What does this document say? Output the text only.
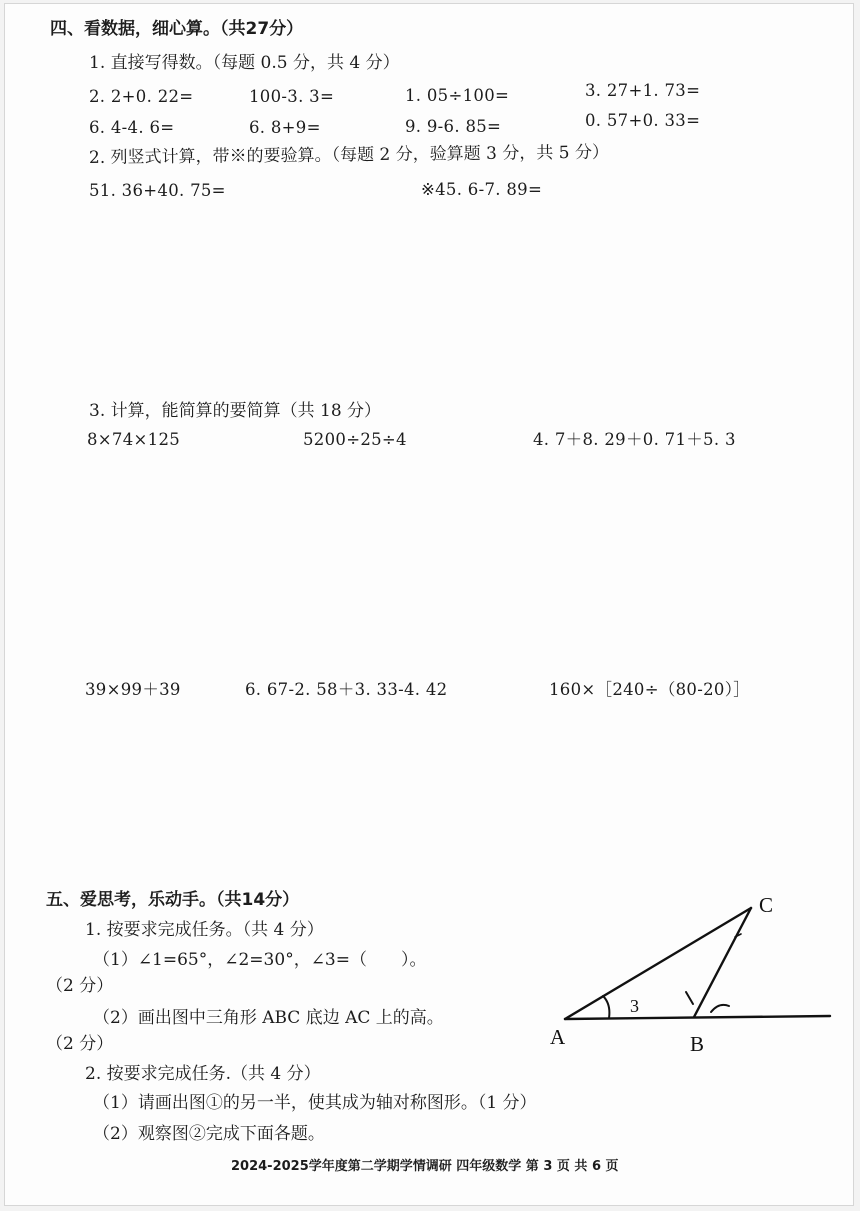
四、看数据，细心算。（共27分）
1. 直接写得数。（每题 0.5 分，共 4 分）
2. 2+0. 22=	100-3. 3=	1. 05÷100=	3. 27+1. 73=
6. 4-4. 6=	6. 8+9=	9. 9-6. 85=	0. 57+0. 33=
2. 列竖式计算，带※的要验算。（每题 2 分，验算题 3 分，共 5 分）
51. 36+40. 75=	※45. 6-7. 89=
3. 计算，能简算的要简算（共 18 分）
8×74×125	5200÷25÷4	4. 7＋8. 29＋0. 71＋5. 3
39×99＋39	6. 67-2. 58＋3. 33-4. 42	160×［240÷（80-20）］
五、爱思考，乐动手。（共14分）
1. 按要求完成任务。（共 4 分）
（1）∠1=65°，∠2=30°，∠3=（　　）。
（2 分）
（2）画出图中三角形 ABC 底边 AC 上的高。
（2 分）
2. 按要求完成任务.（共 4 分）
（1）请画出图①的另一半，使其成为轴对称图形。（1 分）
（2）观察图②完成下面各题。
A	B
C
3
2024-2025学年度第二学期学情调研 四年级数学 第 3 页 共 6 页
